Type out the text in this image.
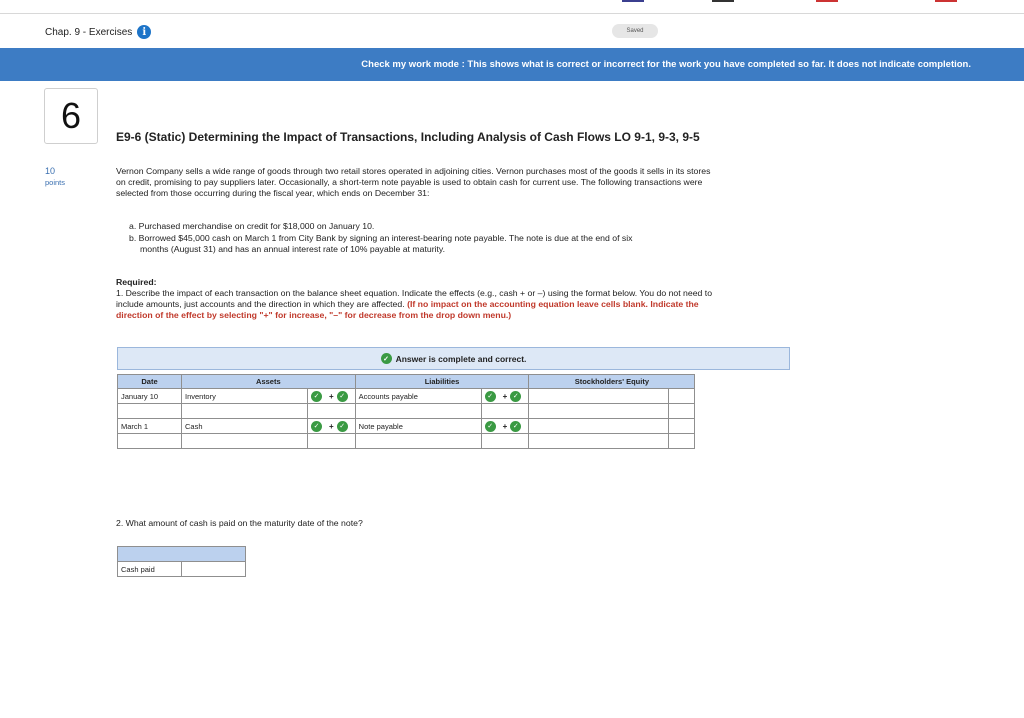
Chap. 9 - Exercises	i	Saved
Check my work mode : This shows what is correct or incorrect for the work you have completed so far. It does not indicate completion.
6
10
points
E9-6 (Static) Determining the Impact of Transactions, Including Analysis of Cash Flows LO 9-1, 9-3, 9-5
Vernon Company sells a wide range of goods through two retail stores operated in adjoining cities. Vernon purchases most of the goods it sells in its stores on credit, promising to pay suppliers later. Occasionally, a short-term note payable is used to obtain cash for current use. The following transactions were selected from those occurring during the fiscal year, which ends on December 31:
a. Purchased merchandise on credit for $18,000 on January 10.
b. Borrowed $45,000 cash on March 1 from City Bank by signing an interest-bearing note payable. The note is due at the end of six
months (August 31) and has an annual interest rate of 10% payable at maturity.
Required:
1. Describe the impact of each transaction on the balance sheet equation. Indicate the effects (e.g., cash + or –) using the format below. You do not need to include amounts, just accounts and the direction in which they are affected. (If no impact on the accounting equation leave cells blank. Indicate the direction of the effect by selecting "+" for increase, "–" for decrease from the drop down menu.)
✓ Answer is complete and correct.
Date	Assets		Liabilities		Stockholders' Equity	
January 10	Inventory	✓ + ✓	Accounts payable	✓ + ✓		

March 1	Cash	✓ + ✓	Note payable	✓ + ✓		

2. What amount of cash is paid on the maturity date of the note?

Cash paid	
